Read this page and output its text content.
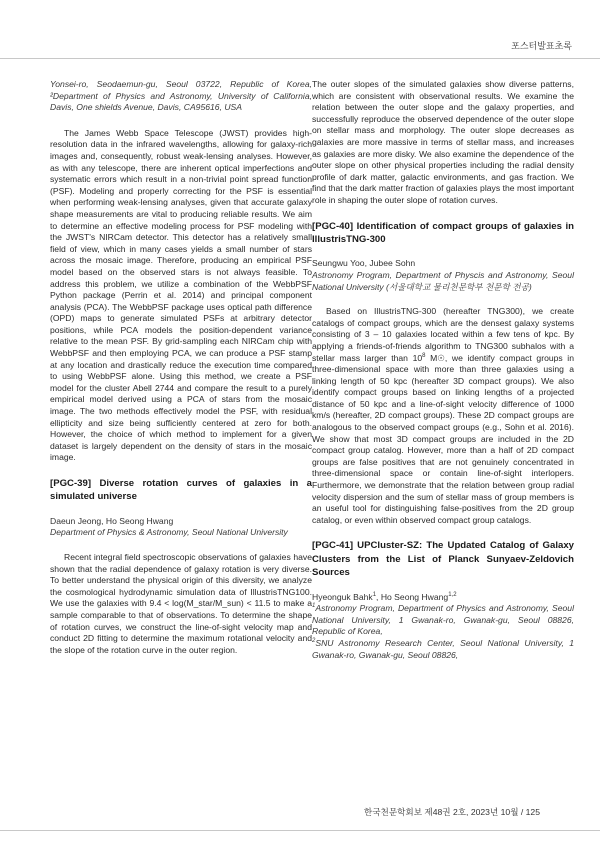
포스터발표초록

Yonsei-ro, Seodaemun-gu, Seoul 03722, Republic of Korea, ²Department of Physics and Astronomy, University of California, Davis, One shields Avenue, Davis, CA95616, USA

The James Webb Space Telescope (JWST) provides high-resolution data in the infrared wavelengths, allowing for galaxy-rich images and, consequently, robust weak-lensing analyses. However, as with any telescope, there are inherent optical imperfections and systematic errors which result in a non-trivial point spread function (PSF). Modeling and properly correcting for the PSF is essential when performing weak-lensing analyses, given that accurate galaxy shape measurements are vital to producing reliable results. We aim to determine an effective modeling process for PSF modeling with the JWST's NIRCam detector. This detector has a relatively small field of view, which in many cases yields a small number of stars across the mosaic image. Therefore, producing an empirical PSF model based on the observed stars is not always feasible. To address this problem, we utilize a combination of the WebbPSF Python package (Perrin et al. 2014) and principal component analysis (PCA). The WebbPSF package uses optical path difference (OPD) maps to generate simulated PSFs at arbitrary detector positions, while PCA models the position-dependent variance relative to the mean PSF. By grid-sampling each NIRCam chip with WebbPSF and then employing PCA, we can produce a PSF stamp at any location and drastically reduce the execution time compared to using WebbPSF alone. Using this method, we create a PSF model for the cluster Abell 2744 and compare the result to a purely empirical model derived using a PCA of stars from the mosaic image. The two methods effectively model the PSF, with residual ellipticity and size being sufficiently centered at zero for both. However, the choice of which method to implement for a given dataset is largely dependent on the density of stars in the mosaic image.

[PGC-39] Diverse rotation curves of galaxies in a simulated universe

Daeun Jeong, Ho Seong Hwang

Department of Physics & Astronomy, Seoul National University

Recent integral field spectroscopic observations of galaxies have shown that the radial dependence of galaxy rotation is very diverse. To better understand the physical origin of this diversity, we analyze the cosmological hydrodynamic simulation data of IllustrisTNG100. We use the galaxies with 9.4 < log(M_star/M_sun) < 11.5 to make a sample comparable to that of observations. To determine the shape of rotation curves, we construct the line-of-sight velocity map and conduct 2D fitting to determine the maximum rotational velocity and the slope of the rotation curve in the outer region.

The outer slopes of the simulated galaxies show diverse patterns, which are consistent with observational results. We examine the relation between the outer slope and the galaxy properties, and successfully reproduce the observed dependence of the outer slope on stellar mass and morphology. The outer slope decreases as galaxies are more massive in terms of stellar mass, and increases as galaxies are more disky. We also examine the dependence of the outer slope on other physical properties including the radial density profile of dark matter, galactic environments, and gas fraction. We find that the dark matter fraction of galaxies plays the most important role in shaping the outer slope of rotation curves.

[PGC-40] Identification of compact groups of galaxies in IllustrisTNG-300

Seungwu Yoo, Jubee Sohn

Astronomy Program, Department of Physcis and Astronomy, Seoul National University (서울대학교 물리천문학부 천문학 전공)

Based on IllustrisTNG-300 (hereafter TNG300), we create catalogs of compact groups, which are the densest galaxy systems consisting of 3 – 10 galaxies located within a few tens of kpc. By applying a friends-of-friends algorithm to TNG300 subhalos with a stellar mass larger than $10^8$ M☉, we identify compact groups in three-dimensional space with more than three galaxies using a linking length of 50 kpc (hereafter 3D compact groups). We also identify compact groups based on linking lengths of a projected distance of 50 kpc and a line-of-sight velocity difference of 1000 km/s (hereafter, 2D compact groups). These 2D compact groups are analogous to the observed compact groups (e.g., Sohn et al. 2016). We show that most 3D compact groups are included in the 2D compact group catalog. However, more than a half of 2D compact groups are false positives that are not genuinely concentrated in three-dimensional space or contain line-of-sight interlopers. Furthermore, we demonstrate that the relation between group radial velocity dispersion and the sum of stellar mass of group members is an useful tool for distinguishing false-positives from the 2D group catalog, or even within observed compact group catalogs.

[PGC-41] UPCluster-SZ: The Updated Catalog of Galaxy Clusters from the List of Planck Sunyaev-Zeldovich Sources

Hyeonguk Bahk$^1$, Ho Seong Hwang$^{1,2}$

$^1$Astronomy Program, Department of Physics and Astronomy, Seoul National University, 1 Gwanak-ro, Gwanak-gu, Seoul 08826, Republic of Korea,

$^2$SNU Astronomy Research Center, Seoul National University, 1 Gwanak-ro, Gwanak-gu, Seoul 08826,

한국천문학회보 제48권 2호, 2023년 10월 / 125
